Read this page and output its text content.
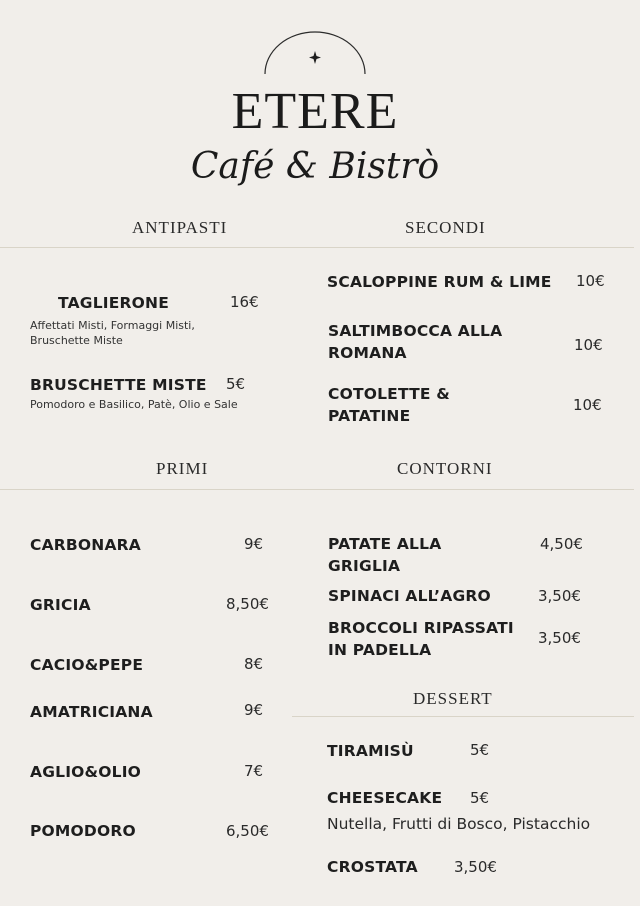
ETERE
Café & Bistrò
ANTIPASTI	SECONDI
PRIMI	CONTORNI
DESSERT
TAGLIERONE	16€
Affettati Misti, Formaggi Misti,
Bruschette Miste
BRUSCHETTE MISTE 5€
Pomodoro e Basilico, Patè, Olio e Sale
SCALOPPINE RUM & LIME 10€
SALTIMBOCCA ALLA
ROMANA	10€
COTOLETTE &
PATATINE
10€
CARBONARA	9€
GRICIA	8,50€
CACIO&PEPE	8€
AMATRICIANA	9€
AGLIO&OLIO	7€
POMODORO	6,50€
PATATE ALLA
GRIGLIA
4,50€
SPINACI ALL’AGRO	3,50€
BROCCOLI RIPASSATI
IN PADELLA
3,50€
TIRAMISÙ	5€
CHEESECAKE 5€
Nutella, Frutti di Bosco, Pistacchio
CROSTATA 3,50€
